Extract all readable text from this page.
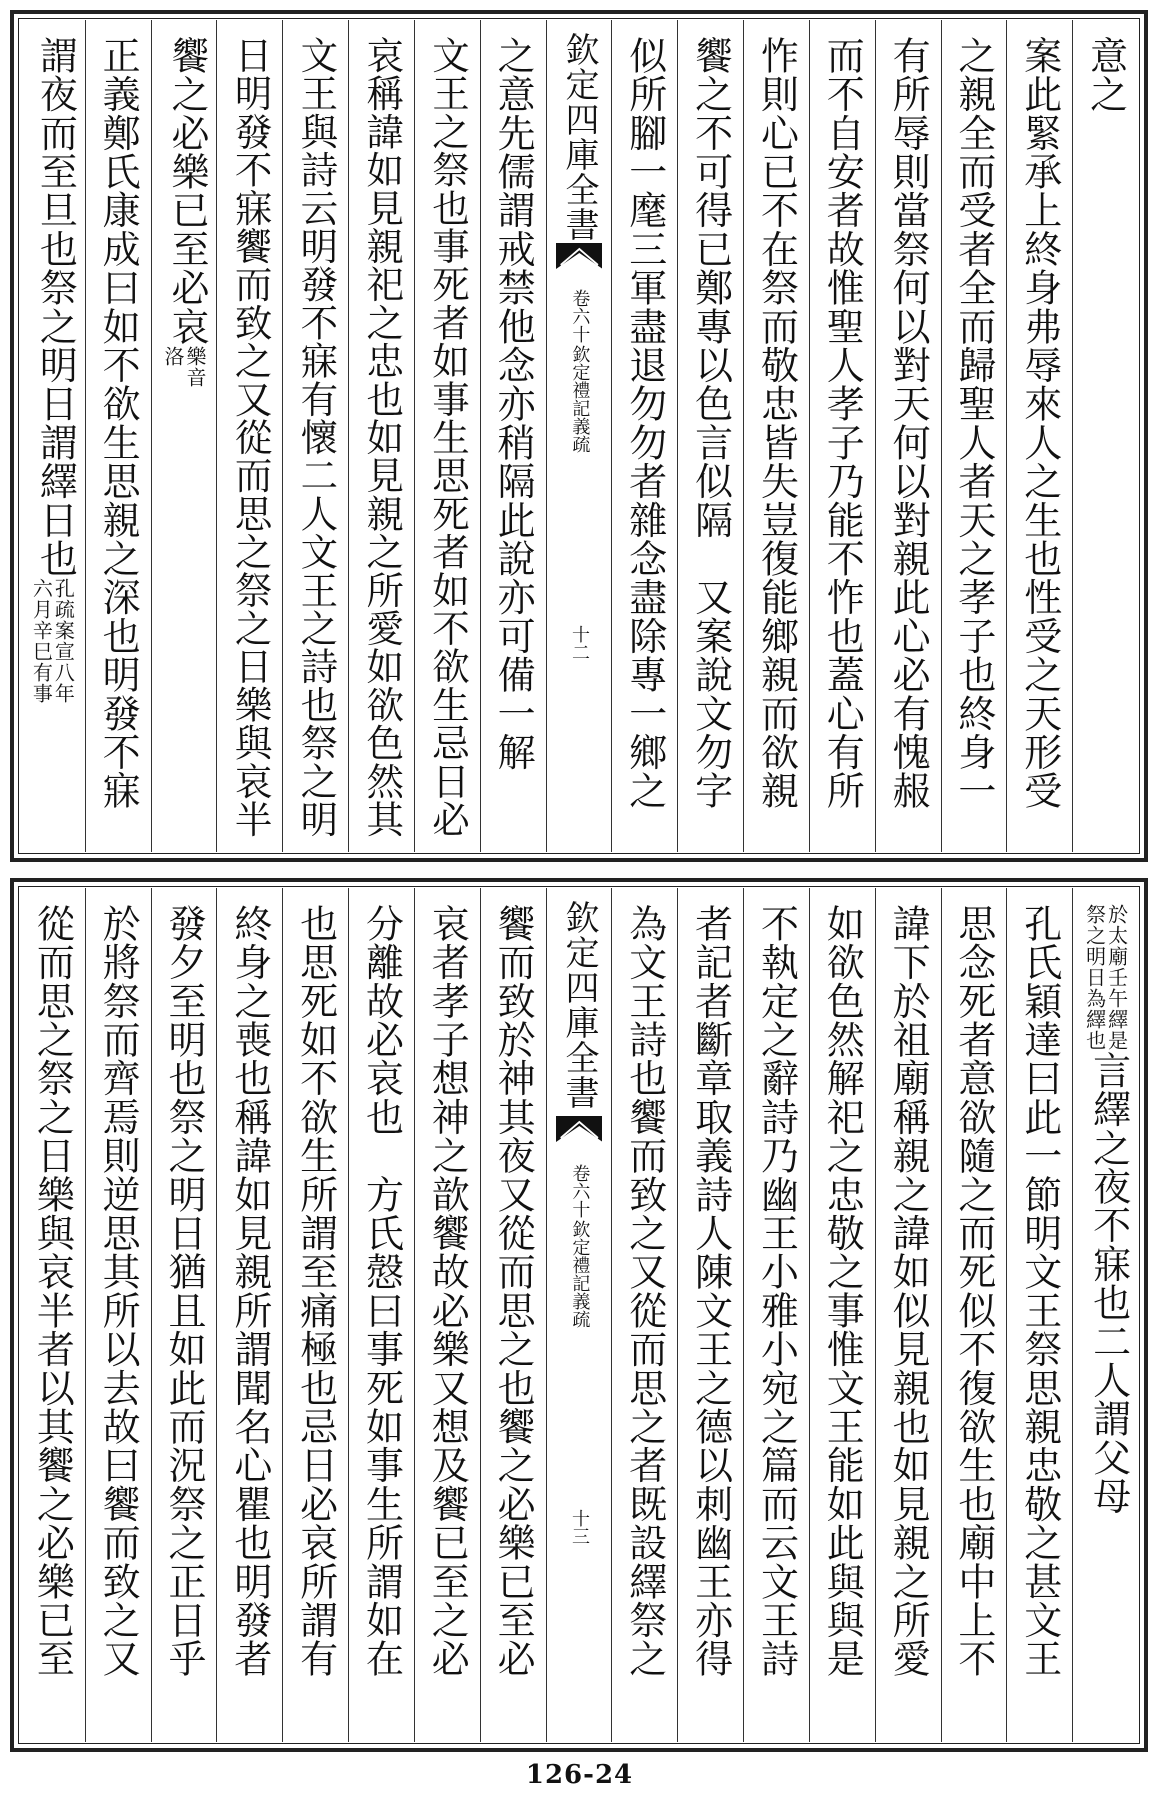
意之
案此緊承上終身弗辱來人之生也性受之天形受
之親全而受者全而歸聖人者天之孝子也終身一
有所辱則當祭何以對天何以對親此心必有愧赧
而不自安者故惟聖人孝子乃能不怍也蓋心有所
怍則心已不在祭而敬忠皆失豈復能鄉親而欲親
饗之不可得已鄭專以色言似隔　又案說文勿字
似所腳一麾三軍盡退勿勿者雜念盡除專一鄉之
欽定四庫全書
欽定禮記義疏
卷六十
十二
之意先儒謂戒禁他念亦稍隔此說亦可備一解
文王之祭也事死者如事生思死者如不欲生忌日必
哀稱諱如見親祀之忠也如見親之所愛如欲色然其
文王與詩云明發不寐有懷二人文王之詩也祭之明
日明發不寐饗而致之又從而思之祭之日樂與哀半
饗之必樂已至必哀
樂音
洛
正義鄭氏康成曰如不欲生思親之深也明發不寐
謂夜而至旦也祭之明日謂繹日也
孔疏案宣八年
六月辛巳有事
於太廟壬午繹是
祭之明日為繹也
言繹之夜不寐也二人謂父母
孔氏穎達曰此一節明文王祭思親忠敬之甚文王
思念死者意欲隨之而死似不復欲生也廟中上不
諱下於祖廟稱親之諱如似見親也如見親之所愛
如欲色然解祀之忠敬之事惟文王能如此與與是
不執定之辭詩乃幽王小雅小宛之篇而云文王詩
者記者斷章取義詩人陳文王之德以刺幽王亦得
為文王詩也饗而致之又從而思之者既設繹祭之
欽定四庫全書
欽定禮記義疏
卷六十
十三
饗而致於神其夜又從而思之也饗之必樂已至必
哀者孝子想神之歆饗故必樂又想及饗已至之必
分離故必哀也　方氏慤曰事死如事生所謂如在
也思死如不欲生所謂至痛極也忌日必哀所謂有
終身之喪也稱諱如見親所謂聞名心瞿也明發者
發夕至明也祭之明日猶且如此而況祭之正日乎
於將祭而齊焉則逆思其所以去故曰饗而致之又
從而思之祭之日樂與哀半者以其饗之必樂已至
126-24
